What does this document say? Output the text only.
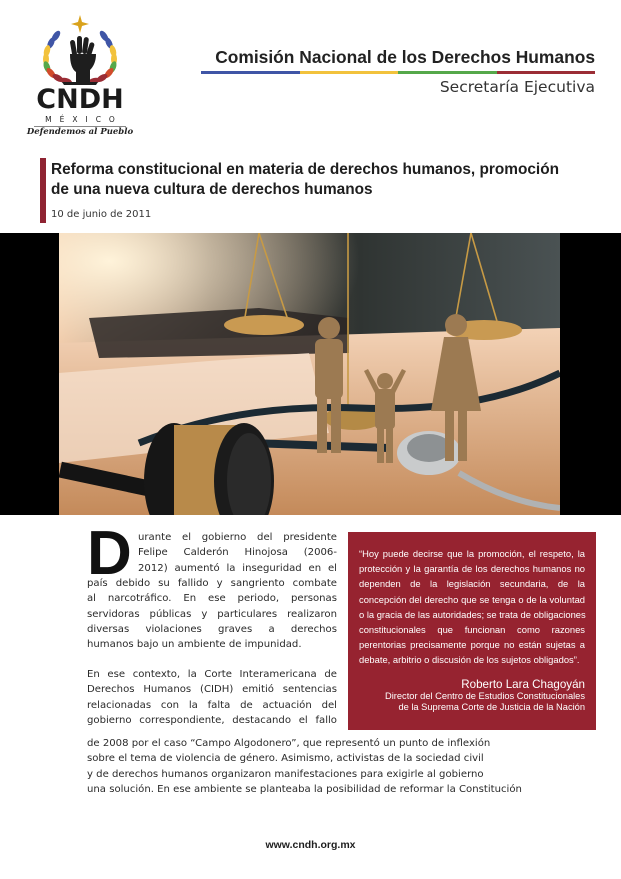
CNDH
MÉXICO
Defendemos al Pueblo
Comisión Nacional de los Derechos Humanos
Secretaría Ejecutiva
Reforma constitucional en materia de derechos humanos, promoción
de una nueva cultura de derechos humanos
10 de junio de 2011
D urante el gobierno del presidente
Felipe Calderón Hinojosa (2006-
2012) aumentó la inseguridad en el
país debido su fallido y sangriento combate
al narcotráfico. En ese periodo, personas
servidoras públicas y particulares realizaron
diversas violaciones graves a derechos
humanos bajo un ambiente de impunidad.
En ese contexto, la Corte Interamericana de
Derechos Humanos (CIDH) emitió sentencias
relacionadas con la falta de actuación del
gobierno correspondiente, destacando el fallo
de 2008 por el caso “Campo Algodonero”, que representó un punto de inflexión
sobre el tema de violencia de género. Asimismo, activistas de la sociedad civil
y de derechos humanos organizaron manifestaciones para exigirle al gobierno
una solución. En ese ambiente se planteaba la posibilidad de reformar la Constitución
“Hoy puede decirse que la promoción, el respeto, la
protección y la garantía de los derechos humanos no
dependen de la legislación secundaria, de la
concepción del derecho que se tenga o de la voluntad
o la gracia de las autoridades; se trata de obligaciones
constitucionales que funcionan como razones
perentorias precisamente porque no están sujetas a
debate, arbitrio o discusión de los sujetos obligados”.
Roberto Lara Chagoyán
Director del Centro de Estudios Constitucionales
de la Suprema Corte de Justicia de la Nación
www.cndh.org.mx
